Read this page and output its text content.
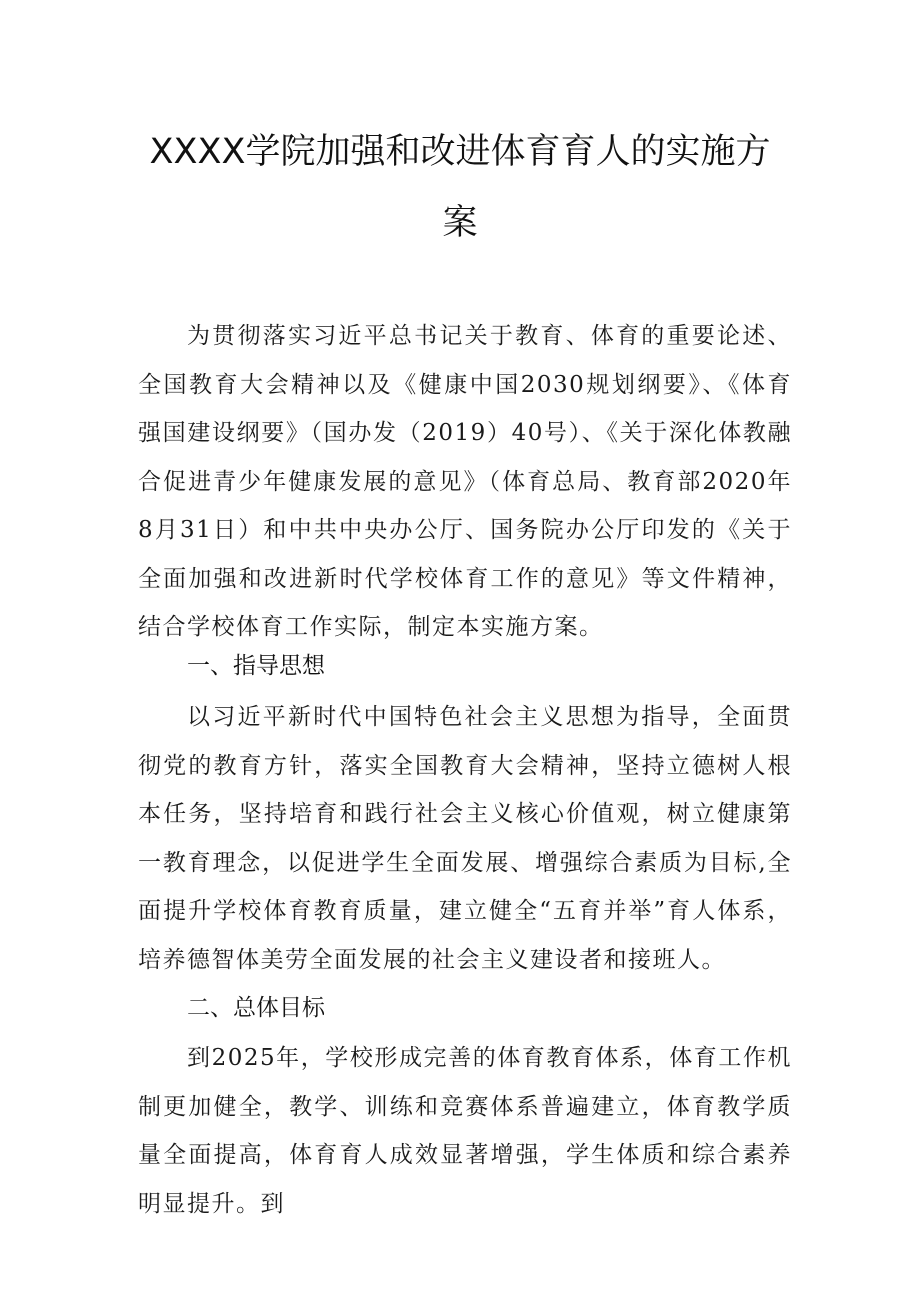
XXXX学院加强和改进体育育人的实施方
案

为贯彻落实习近平总书记关于教育、体育的重要论述、全国教育大会精神以及《健康中国2030规划纲要》、《体育强国建设纲要》（国办发（2019）40号）、《关于深化体教融合促进青少年健康发展的意见》（体育总局、教育部2020年8月31日）和中共中央办公厅、国务院办公厅印发的《关于全面加强和改进新时代学校体育工作的意见》等文件精神，结合学校体育工作实际，制定本实施方案。

一、指导思想

以习近平新时代中国特色社会主义思想为指导，全面贯彻党的教育方针，落实全国教育大会精神，坚持立德树人根本任务，坚持培育和践行社会主义核心价值观，树立健康第一教育理念，以促进学生全面发展、增强综合素质为目标,全面提升学校体育教育质量，建立健全“五育并举”育人体系，培养德智体美劳全面发展的社会主义建设者和接班人。

二、总体目标

到2025年，学校形成完善的体育教育体系，体育工作机制更加健全，教学、训练和竞赛体系普遍建立，体育教学质量全面提高，体育育人成效显著增强，学生体质和综合素养明显提升。到
